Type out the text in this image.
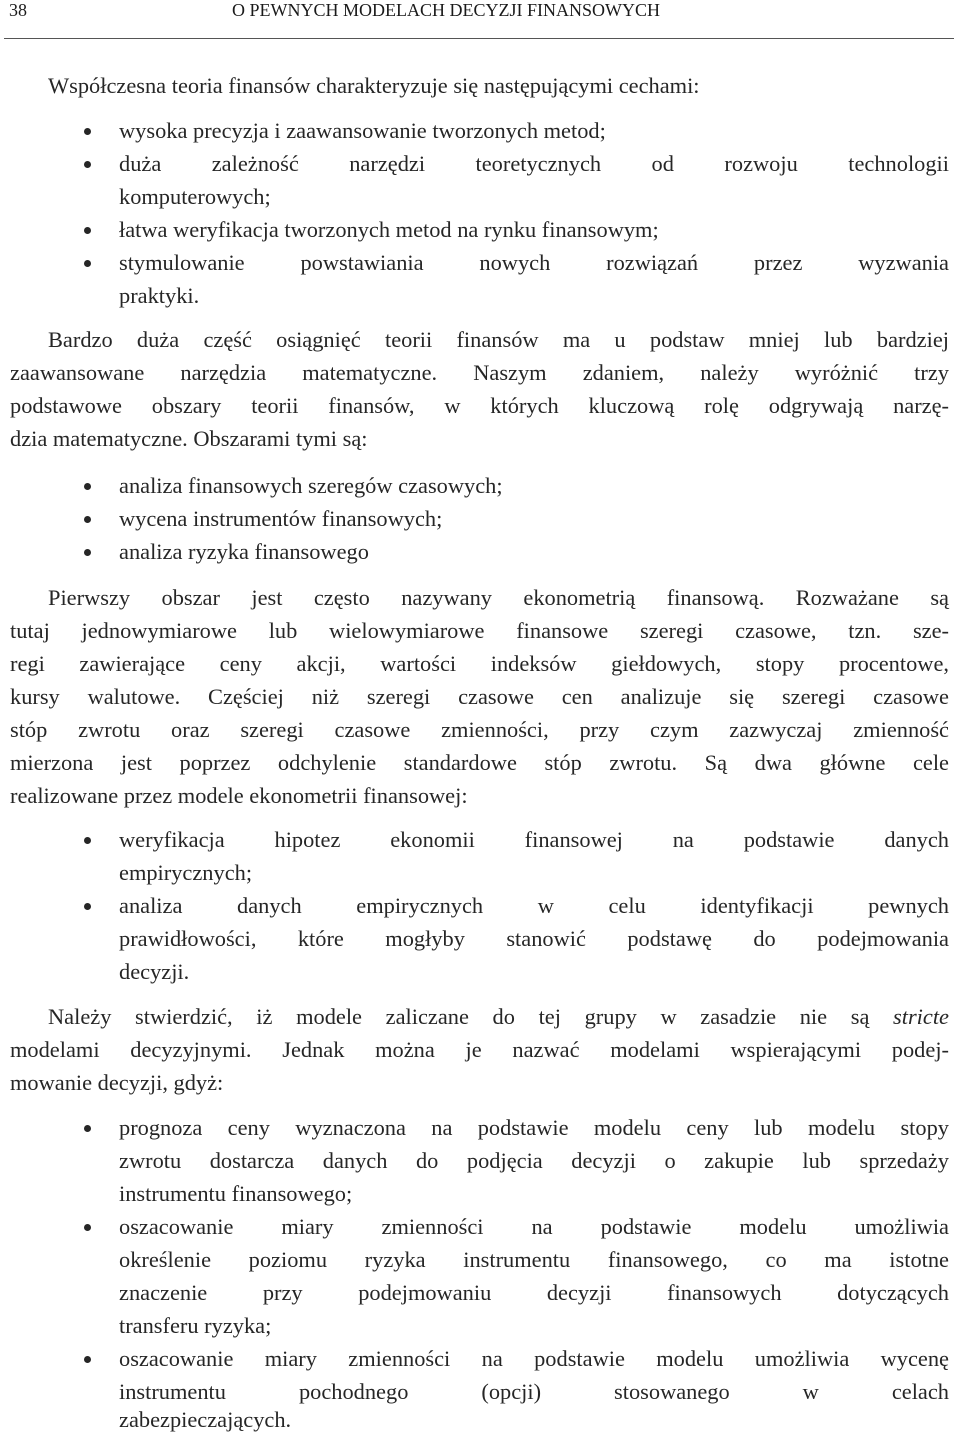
38	O PEWNYCH MODELACH DECYZJI FINANSOWYCH
Współczesna teoria finansów charakteryzuje się następującymi cechami:
wysoka precyzja i zaawansowanie tworzonych metod;
duża zależność narzędzi teoretycznych od rozwoju technologii
komputerowych;
łatwa weryfikacja tworzonych metod na rynku finansowym;
stymulowanie powstawiania nowych rozwiązań przez wyzwania
praktyki.
Bardzo duża część osiągnięć teorii finansów ma u podstaw mniej lub bardziej
zaawansowane narzędzia matematyczne. Naszym zdaniem, należy wyróżnić trzy
podstawowe obszary teorii finansów, w których kluczową rolę odgrywają narzę-
dzia matematyczne. Obszarami tymi są:
analiza finansowych szeregów czasowych;
wycena instrumentów finansowych;
analiza ryzyka finansowego
Pierwszy obszar jest często nazywany ekonometrią finansową. Rozważane są
tutaj jednowymiarowe lub wielowymiarowe finansowe szeregi czasowe, tzn. sze-
regi zawierające ceny akcji, wartości indeksów giełdowych, stopy procentowe,
kursy walutowe. Częściej niż szeregi czasowe cen analizuje się szeregi czasowe
stóp zwrotu oraz szeregi czasowe zmienności, przy czym zazwyczaj zmienność
mierzona jest poprzez odchylenie standardowe stóp zwrotu. Są dwa główne cele
realizowane przez modele ekonometrii finansowej:
weryfikacja hipotez ekonomii finansowej na podstawie danych
empirycznych;
analiza danych empirycznych w celu identyfikacji pewnych
prawidłowości, które mogłyby stanowić podstawę do podejmowania
decyzji.
Należy stwierdzić, iż modele zaliczane do tej grupy w zasadzie nie są stricte
modelami decyzyjnymi. Jednak można je nazwać modelami wspierającymi podej-
mowanie decyzji, gdyż:
prognoza ceny wyznaczona na podstawie modelu ceny lub modelu stopy
zwrotu dostarcza danych do podjęcia decyzji o zakupie lub sprzedaży
instrumentu finansowego;
oszacowanie miary zmienności na podstawie modelu umożliwia
określenie poziomu ryzyka instrumentu finansowego, co ma istotne
znaczenie przy podejmowaniu decyzji finansowych dotyczących
transferu ryzyka;
oszacowanie miary zmienności na podstawie modelu umożliwia wycenę
instrumentu pochodnego (opcji) stosowanego w celach
zabezpieczających.
